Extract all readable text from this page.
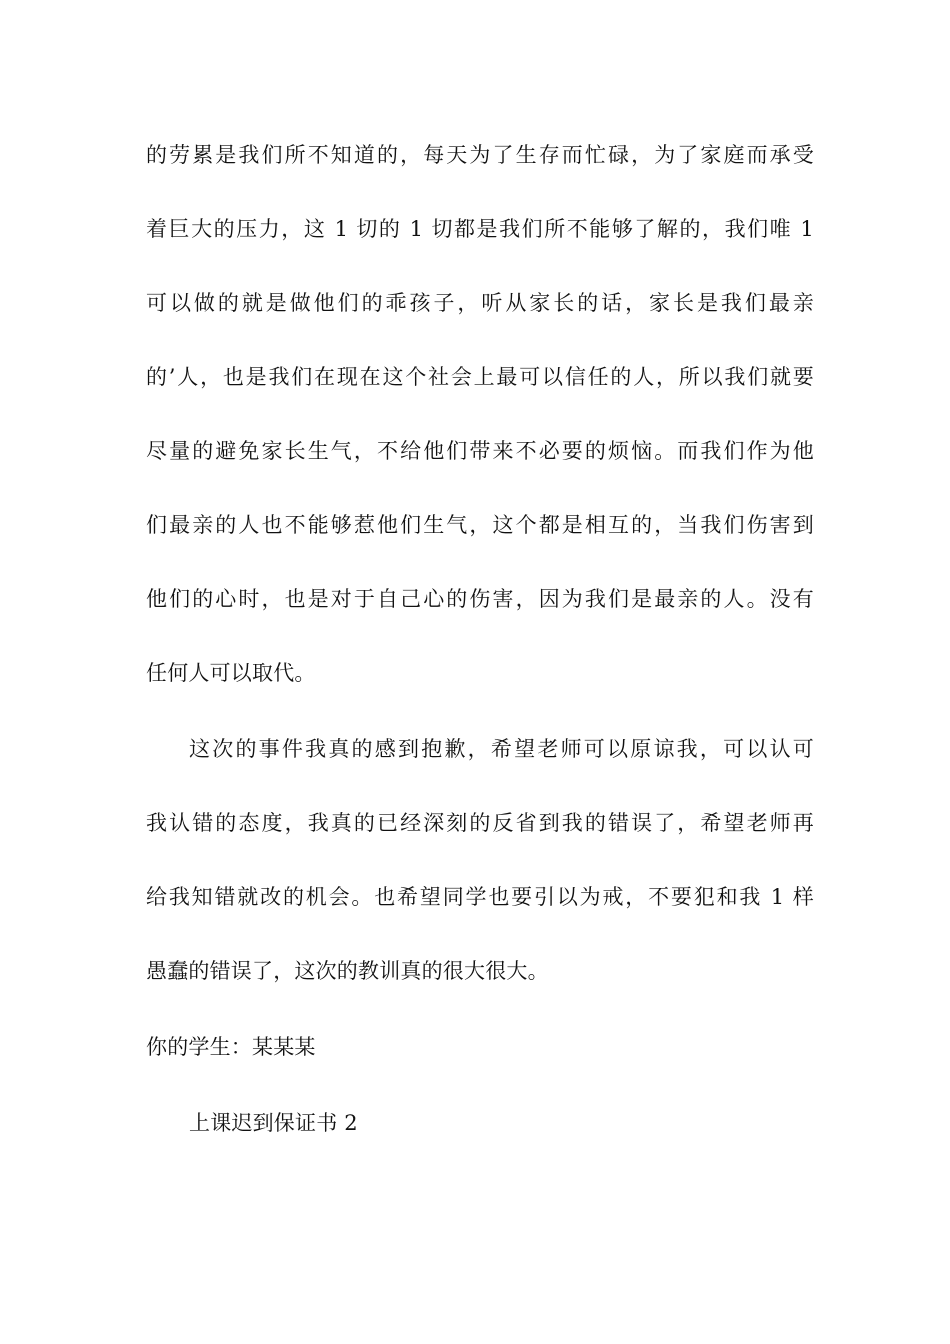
的劳累是我们所不知道的，每天为了生存而忙碌，为了家庭而承受
着巨大的压力，这 1 切的 1 切都是我们所不能够了解的，我们唯 1
可以做的就是做他们的乖孩子，听从家长的话，家长是我们最亲
的’人，也是我们在现在这个社会上最可以信任的人，所以我们就要
尽量的避免家长生气，不给他们带来不必要的烦恼。而我们作为他
们最亲的人也不能够惹他们生气，这个都是相互的，当我们伤害到
他们的心时，也是对于自己心的伤害，因为我们是最亲的人。没有
任何人可以取代。
这次的事件我真的感到抱歉，希望老师可以原谅我，可以认可
我认错的态度，我真的已经深刻的反省到我的错误了，希望老师再
给我知错就改的机会。也希望同学也要引以为戒，不要犯和我 1 样
愚蠢的错误了，这次的教训真的很大很大。
你的学生：某某某
上课迟到保证书 2
